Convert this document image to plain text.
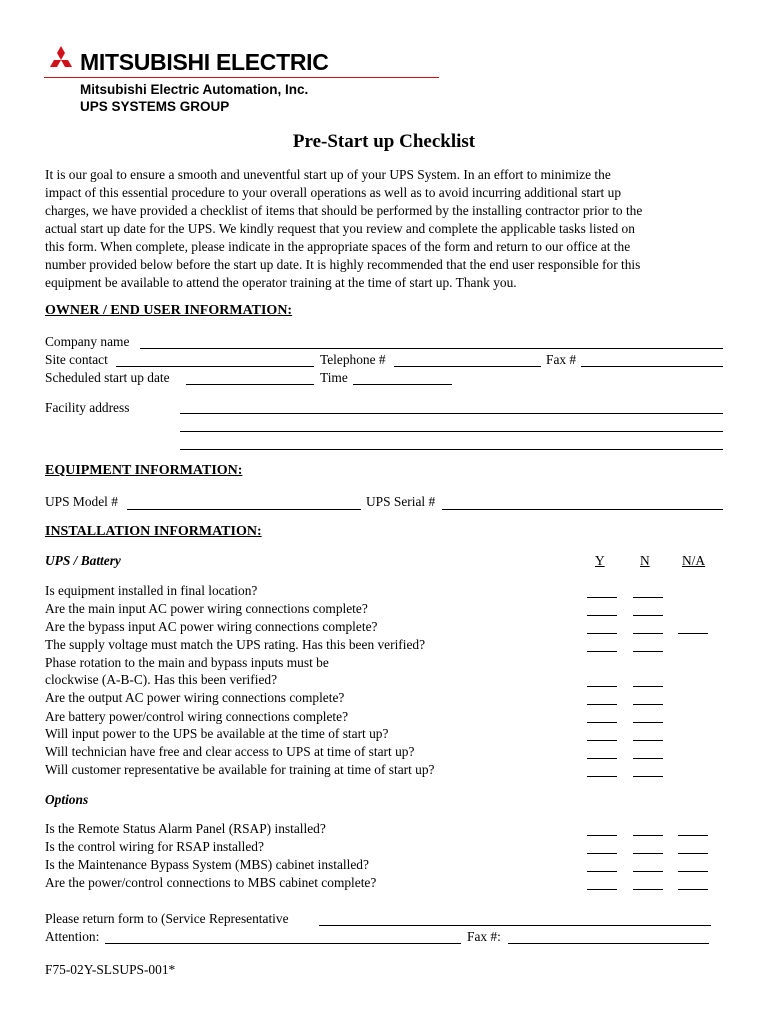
MITSUBISHI ELECTRIC
Mitsubishi Electric Automation, Inc.
UPS SYSTEMS GROUP
Pre-Start up Checklist
It is our goal to ensure a smooth and uneventful start up of your UPS System. In an effort to minimize the
impact of this essential procedure to your overall operations as well as to avoid incurring additional start up
charges, we have provided a checklist of items that should be performed by the installing contractor prior to the
actual start up date for the UPS. We kindly request that you review and complete the applicable tasks listed on
this form. When complete, please indicate in the appropriate spaces of the form and return to our office at the
number provided below before the start up date. It is highly recommended that the end user responsible for this
equipment be available to attend the operator training at the time of start up. Thank you.
OWNER / END USER INFORMATION:
Company name
Site contact	Telephone #	Fax #
Scheduled start up date	Time
Facility address
EQUIPMENT INFORMATION:
UPS Model #	UPS Serial #
INSTALLATION INFORMATION:
UPS / Battery	Y	N N/A
Is equipment installed in final location?
Are the main input AC power wiring connections complete?
Are the bypass input AC power wiring connections complete?
The supply voltage must match the UPS rating. Has this been verified?
Phase rotation to the main and bypass inputs must be
clockwise (A-B-C). Has this been verified?
Are the output AC power wiring connections complete?
Are battery power/control wiring connections complete?
Will input power to the UPS be available at the time of start up?
Will technician have free and clear access to UPS at time of start up?
Will customer representative be available for training at time of start up?
Options
Is the Remote Status Alarm Panel (RSAP) installed?
Is the control wiring for RSAP installed?
Is the Maintenance Bypass System (MBS) cabinet installed?
Are the power/control connections to MBS cabinet complete?
Please return form to (Service Representative
Attention:	Fax #:
F75-02Y-SLSUPS-001*
